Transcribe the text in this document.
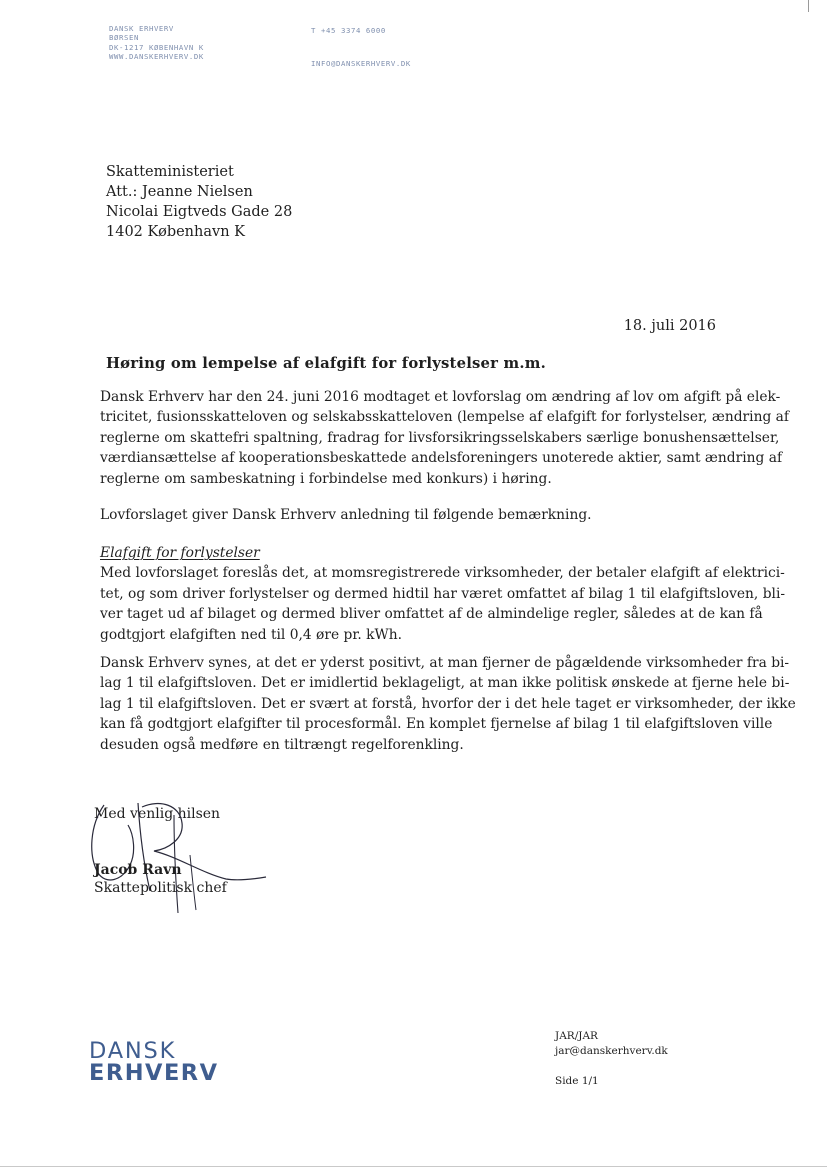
DANSK ERHVERV
BØRSEN
DK-1217 KØBENHAVN K
WWW.DANSKERHVERV.DK
T +45 3374 6000
INFO@DANSKERHVERV.DK
Skatteministeriet
Att.: Jeanne Nielsen
Nicolai Eigtveds Gade 28
1402 København K
18. juli 2016
Høring om lempelse af elafgift for forlystelser m.m.
Dansk Erhverv har den 24. juni 2016 modtaget et lovforslag om ændring af lov om afgift på elek-
tricitet, fusionsskatteloven og selskabsskatteloven (lempelse af elafgift for forlystelser, ændring af
reglerne om skattefri spaltning, fradrag for livsforsikringsselskabers særlige bonushensættelser,
værdiansættelse af kooperationsbeskattede andelsforeningers unoterede aktier, samt ændring af
reglerne om sambeskatning i forbindelse med konkurs) i høring.
Lovforslaget giver Dansk Erhverv anledning til følgende bemærkning.
Elafgift for forlystelser
Med lovforslaget foreslås det, at momsregistrerede virksomheder, der betaler elafgift af elektrici-
tet, og som driver forlystelser og dermed hidtil har været omfattet af bilag 1 til elafgiftsloven, bli-
ver taget ud af bilaget og dermed bliver omfattet af de almindelige regler, således at de kan få
godtgjort elafgiften ned til 0,4 øre pr. kWh.
Dansk Erhverv synes, at det er yderst positivt, at man fjerner de pågældende virksomheder fra bi-
lag 1 til elafgiftsloven. Det er imidlertid beklageligt, at man ikke politisk ønskede at fjerne hele bi-
lag 1 til elafgiftsloven. Det er svært at forstå, hvorfor der i det hele taget er virksomheder, der ikke
kan få godtgjort elafgifter til procesformål. En komplet fjernelse af bilag 1 til elafgiftsloven ville
desuden også medføre en tiltrængt regelforenkling.
Med venlig hilsen
Jacob Ravn
Skattepolitisk chef
DANSK
ERHVERV
JAR/JAR
jar@danskerhverv.dk
Side 1/1
